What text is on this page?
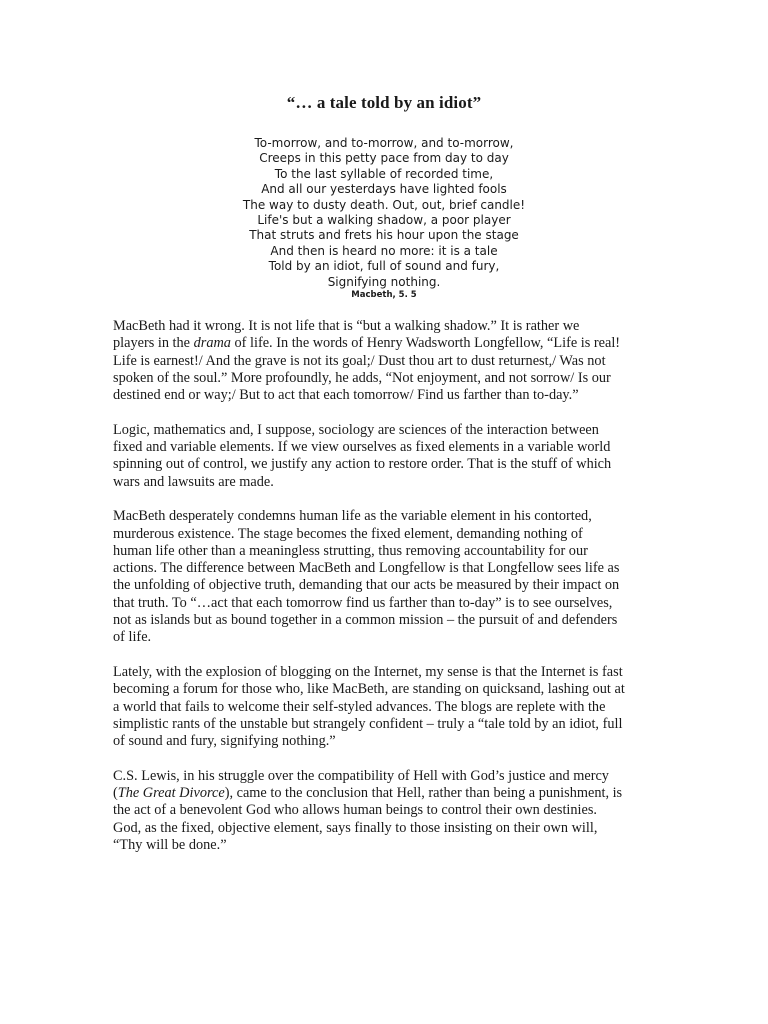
“… a tale told by an idiot”
To-morrow, and to-morrow, and to-morrow,
Creeps in this petty pace from day to day
To the last syllable of recorded time,
And all our yesterdays have lighted fools
The way to dusty death. Out, out, brief candle!
Life's but a walking shadow, a poor player
That struts and frets his hour upon the stage
And then is heard no more: it is a tale
Told by an idiot, full of sound and fury,
Signifying nothing.
Macbeth, 5. 5
MacBeth had it wrong. It is not life that is “but a walking shadow.” It is rather we
players in the drama of life. In the words of Henry Wadsworth Longfellow, “Life is real!
Life is earnest!/ And the grave is not its goal;/ Dust thou art to dust returnest,/ Was not
spoken of the soul.” More profoundly, he adds, “Not enjoyment, and not sorrow/ Is our
destined end or way;/ But to act that each tomorrow/ Find us farther than to-day.”
Logic, mathematics and, I suppose, sociology are sciences of the interaction between
fixed and variable elements. If we view ourselves as fixed elements in a variable world
spinning out of control, we justify any action to restore order. That is the stuff of which
wars and lawsuits are made.
MacBeth desperately condemns human life as the variable element in his contorted,
murderous existence. The stage becomes the fixed element, demanding nothing of
human life other than a meaningless strutting, thus removing accountability for our
actions. The difference between MacBeth and Longfellow is that Longfellow sees life as
the unfolding of objective truth, demanding that our acts be measured by their impact on
that truth. To “…act that each tomorrow find us farther than to-day” is to see ourselves,
not as islands but as bound together in a common mission – the pursuit of and defenders
of life.
Lately, with the explosion of blogging on the Internet, my sense is that the Internet is fast
becoming a forum for those who, like MacBeth, are standing on quicksand, lashing out at
a world that fails to welcome their self-styled advances. The blogs are replete with the
simplistic rants of the unstable but strangely confident – truly a “tale told by an idiot, full
of sound and fury, signifying nothing.”
C.S. Lewis, in his struggle over the compatibility of Hell with God’s justice and mercy
(The Great Divorce), came to the conclusion that Hell, rather than being a punishment, is
the act of a benevolent God who allows human beings to control their own destinies.
God, as the fixed, objective element, says finally to those insisting on their own will,
“Thy will be done.”
